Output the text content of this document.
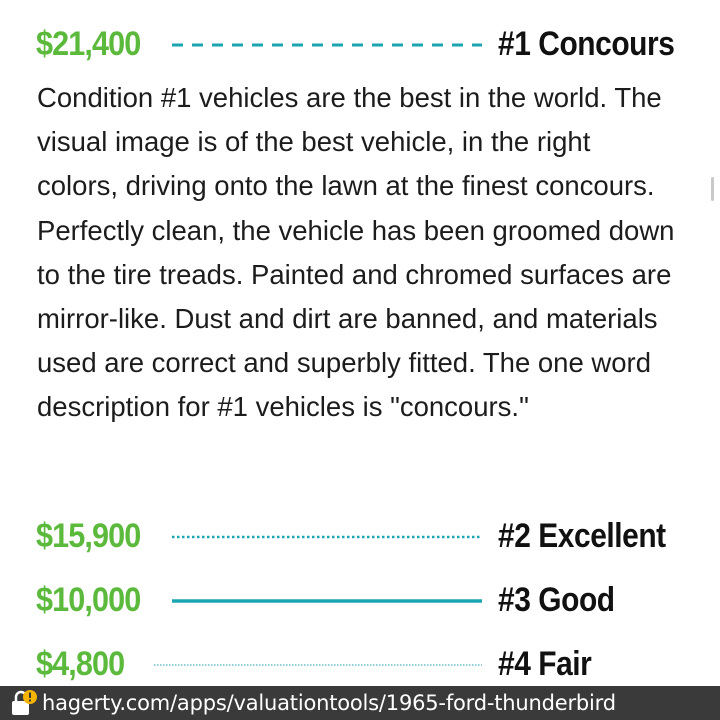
$21,400	#1 Concours

Condition #1 vehicles are the best in the world. The visual image is of the best vehicle, in the right colors, driving onto the lawn at the finest concours. Perfectly clean, the vehicle has been groomed down to the tire treads. Painted and chromed surfaces are mirror-like. Dust and dirt are banned, and materials used are correct and superbly fitted. The one word description for #1 vehicles is "concours."

$15,900	#2 Excellent
$10,000	#3 Good
$4,800	#4 Fair
hagerty.com/apps/valuationtools/1965-ford-thunderbird
